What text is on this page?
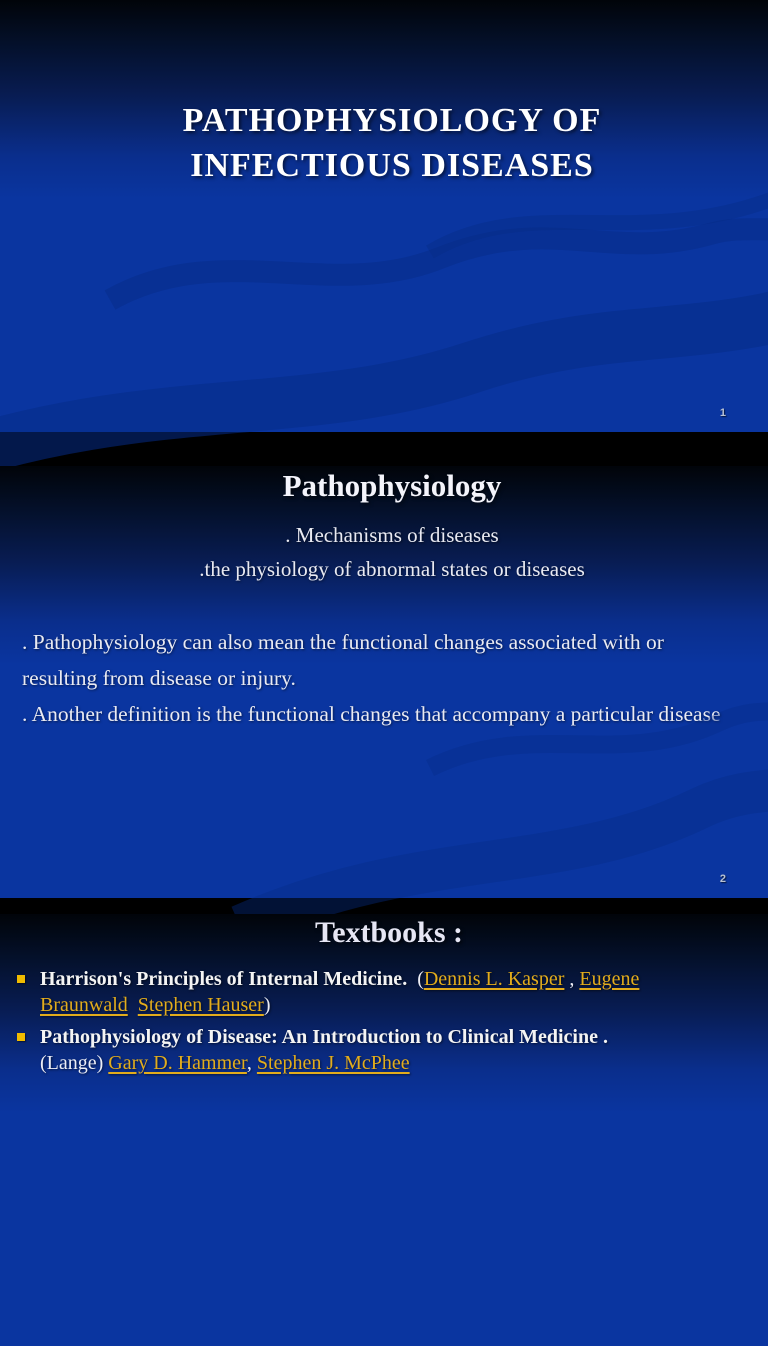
PATHOPHYSIOLOGY OF
INFECTIOUS DISEASES
1
Pathophysiology
. Mechanisms of diseases
.the physiology of abnormal states or diseases

. Pathophysiology can also mean the functional changes associated with or resulting from disease or injury.

. Another definition is the functional changes that accompany a particular disease

2
Textbooks :
Harrison's Principles of Internal Medicine.  (Dennis L. Kasper , Eugene
Braunwald Stephen Hauser)
Pathophysiology of Disease: An Introduction to Clinical Medicine .
(Lange) Gary D. Hammer, Stephen J. McPhee
